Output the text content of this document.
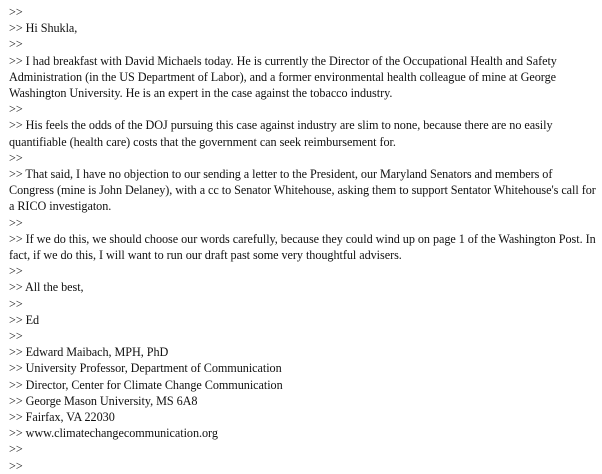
>>

>> Hi Shukla,

>>

>> I had breakfast with David Michaels today. He is currently the Director of the Occupational Health and Safety Administration (in the US Department of Labor), and a former environmental health colleague of mine at George Washington University. He is an expert in the case against the tobacco industry.

>>

>> His feels the odds of the DOJ pursuing this case against industry are slim to none, because there are no easily quantifiable (health care) costs that the government can seek reimbursement for.

>>

>> That said, I have no objection to our sending a letter to the President, our Maryland Senators and members of Congress (mine is John Delaney), with a cc to Senator Whitehouse, asking them to support Sentator Whitehouse's call for a RICO investigaton.

>>

>> If we do this, we should choose our words carefully, because they could wind up on page 1 of the Washington Post. In fact, if we do this, I will want to run our draft past some very thoughtful advisers.

>>

>> All the best,

>>

>> Ed

>>

>> Edward Maibach, MPH, PhD

>> University Professor, Department of Communication

>> Director, Center for Climate Change Communication

>> George Mason University, MS 6A8

>> Fairfax, VA 22030

>> www.climatechangecommunication.org

>>

>>
